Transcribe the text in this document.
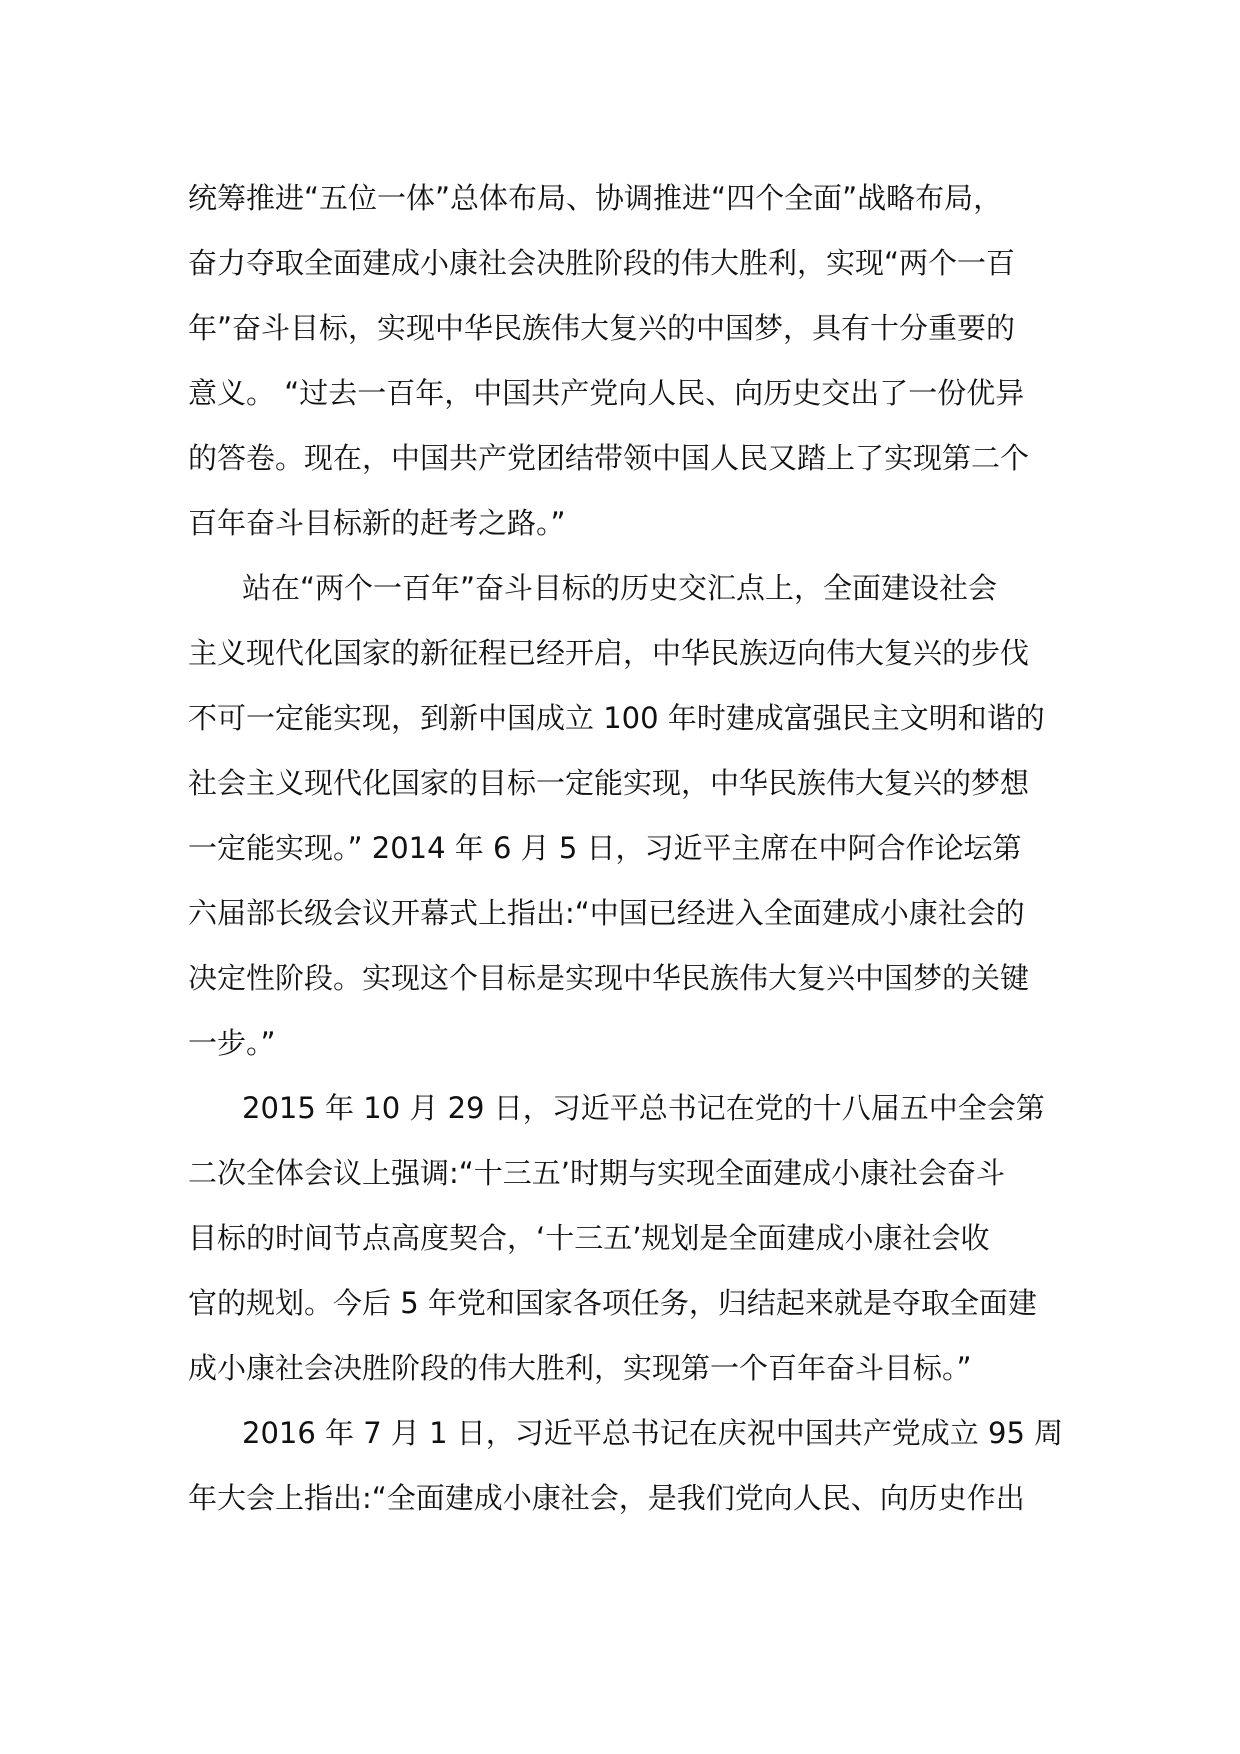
统筹推进“五位一体”总体布局、协调推进“四个全面”战略布局，
奋力夺取全面建成小康社会决胜阶段的伟大胜利，实现“两个一百
年”奋斗目标，实现中华民族伟大复兴的中国梦，具有十分重要的
意义。 “过去一百年，中国共产党向人民、向历史交出了一份优异
的答卷。现在，中国共产党团结带领中国人民又踏上了实现第二个
百年奋斗目标新的赶考之路。”
站在“两个一百年”奋斗目标的历史交汇点上，全面建设社会
主义现代化国家的新征程已经开启，中华民族迈向伟大复兴的步伐
不可一定能实现，到新中国成立 100 年时建成富强民主文明和谐的
社会主义现代化国家的目标一定能实现，中华民族伟大复兴的梦想
一定能实现。” 2014 年 6 月 5 日，习近平主席在中阿合作论坛第
六届部长级会议开幕式上指出:“中国已经进入全面建成小康社会的
决定性阶段。实现这个目标是实现中华民族伟大复兴中国梦的关键
一步。”
2015 年 10 月 29 日，习近平总书记在党的十八届五中全会第
二次全体会议上强调:“十三五’时期与实现全面建成小康社会奋斗
目标的时间节点高度契合，‘十三五’规划是全面建成小康社会收
官的规划。今后 5 年党和国家各项任务，归结起来就是夺取全面建
成小康社会决胜阶段的伟大胜利，实现第一个百年奋斗目标。”
2016 年 7 月 1 日，习近平总书记在庆祝中国共产党成立 95 周
年大会上指出:“全面建成小康社会，是我们党向人民、向历史作出
